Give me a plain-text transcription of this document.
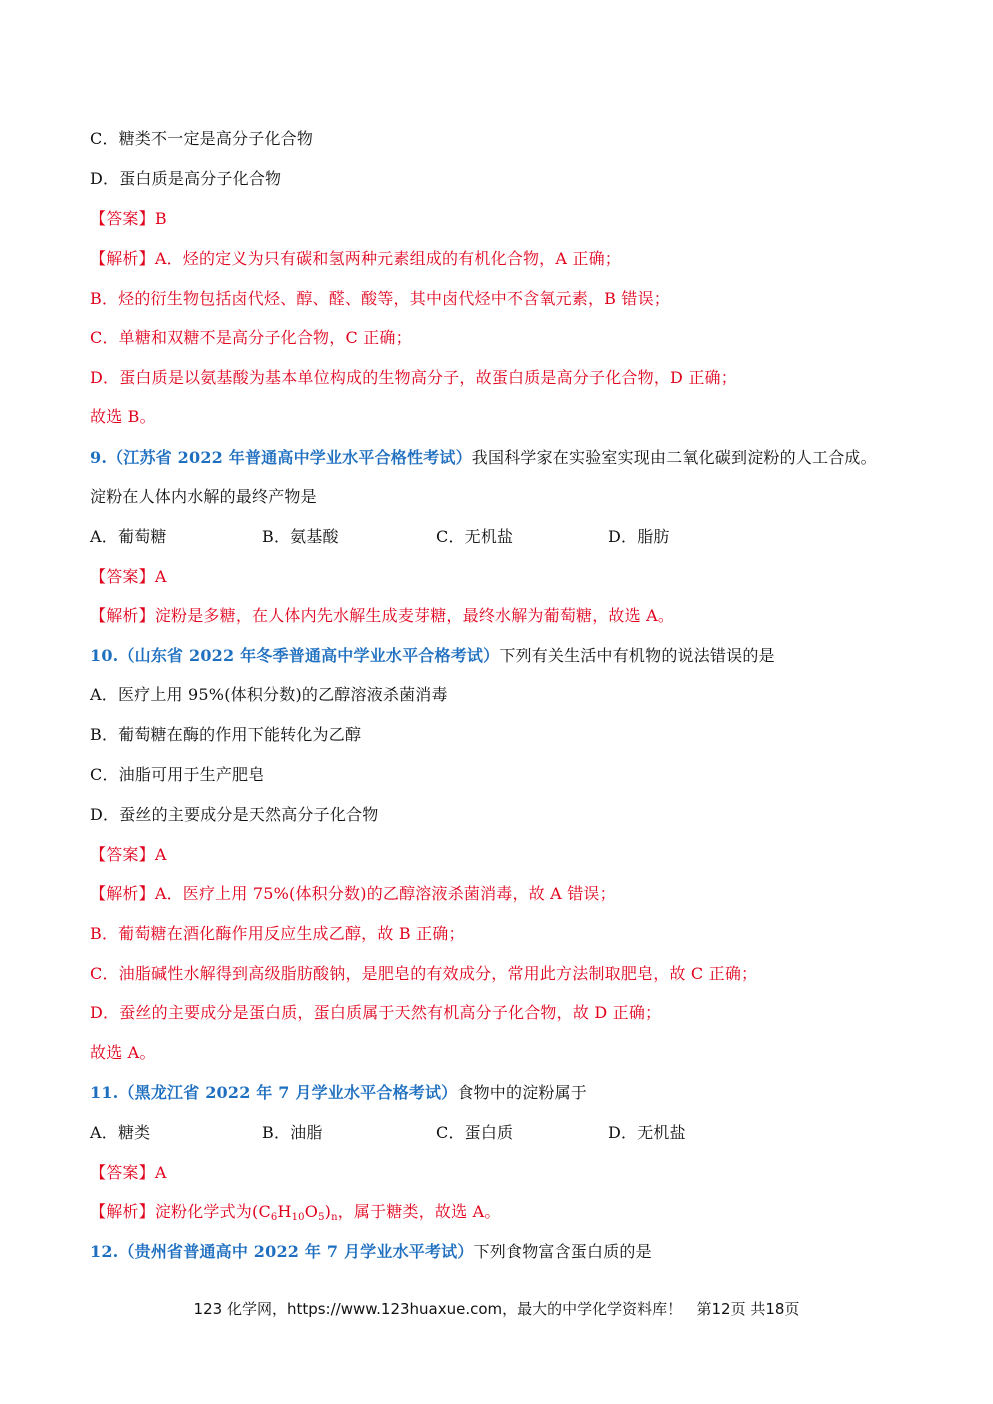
C．糖类不一定是高分子化合物
D．蛋白质是高分子化合物
【答案】B
【解析】A．烃的定义为只有碳和氢两种元素组成的有机化合物，A 正确；
B．烃的衍生物包括卤代烃、醇、醛、酸等，其中卤代烃中不含氧元素，B 错误；
C．单糖和双糖不是高分子化合物，C 正确；
D．蛋白质是以氨基酸为基本单位构成的生物高分子，故蛋白质是高分子化合物，D 正确；
故选 B。
9.（江苏省 2022 年普通高中学业水平合格性考试）我国科学家在实验室实现由二氧化碳到淀粉的人工合成。
淀粉在人体内水解的最终产物是
A．葡萄糖	B．氨基酸	C．无机盐	D．脂肪
【答案】A
【解析】淀粉是多糖，在人体内先水解生成麦芽糖，最终水解为葡萄糖，故选 A。
10.（山东省 2022 年冬季普通高中学业水平合格考试）下列有关生活中有机物的说法错误的是
A．医疗上用 95%(体积分数)的乙醇溶液杀菌消毒
B．葡萄糖在酶的作用下能转化为乙醇
C．油脂可用于生产肥皂
D．蚕丝的主要成分是天然高分子化合物
【答案】A
【解析】A．医疗上用 75%(体积分数)的乙醇溶液杀菌消毒，故 A 错误；
B．葡萄糖在酒化酶作用反应生成乙醇，故 B 正确；
C．油脂碱性水解得到高级脂肪酸钠，是肥皂的有效成分，常用此方法制取肥皂，故 C 正确；
D．蚕丝的主要成分是蛋白质，蛋白质属于天然有机高分子化合物，故 D 正确；
故选 A。
11.（黑龙江省 2022 年 7 月学业水平合格考试）食物中的淀粉属于
A．糖类	B．油脂	C．蛋白质	D．无机盐
【答案】A
【解析】淀粉化学式为$(C_6H_{10}O_5)_n$，属于糖类，故选 A。
12.（贵州省普通高中 2022 年 7 月学业水平考试）下列食物富含蛋白质的是
123 化学网，https://www.123huaxue.com，最大的中学化学资料库！ 第12页 共18页
